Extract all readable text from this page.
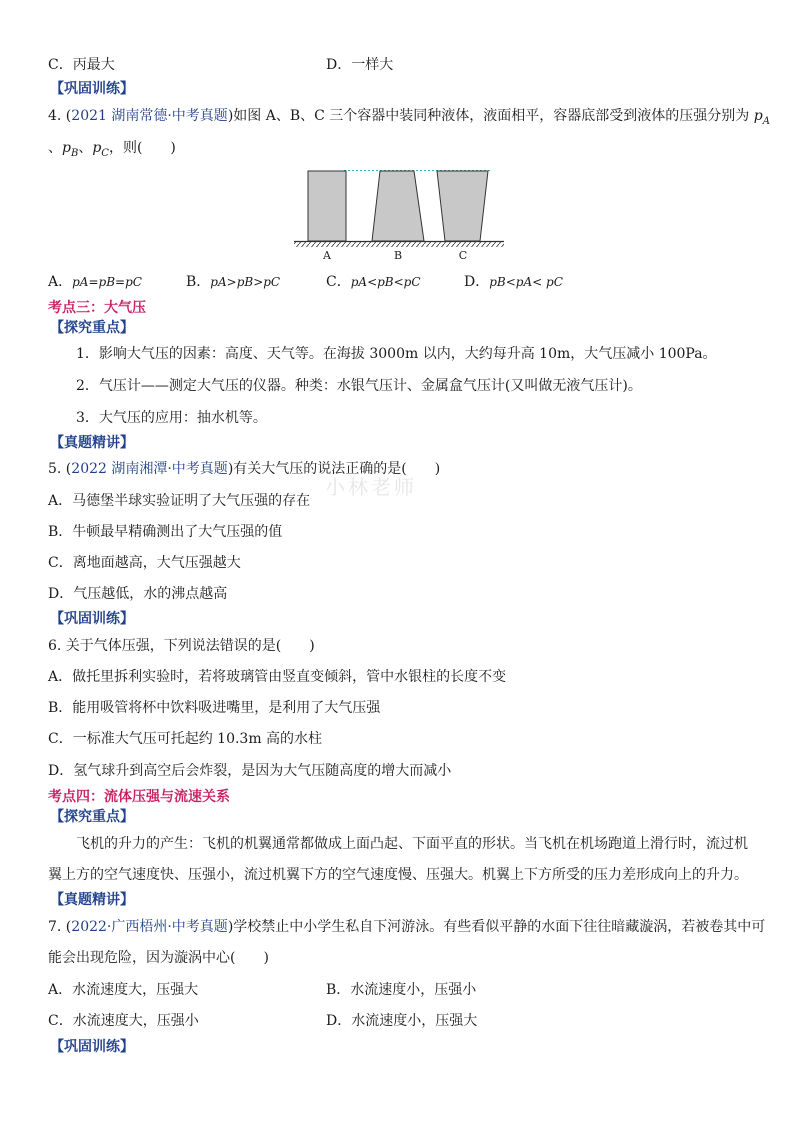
小林老师
C．丙最大	D．一样大
【巩固训练】
4. (2021 湖南常德·中考真题)如图 A、B、C 三个容器中装同种液体，液面相平，容器底部受到液体的压强分别为 $p_A$
、$p_B$、$p_C$，则(　　)
A	B	C
A．pA=pB=pC	B．pA>pB>pC	C．pA<pB<pC	D．pB<pA< pC
考点三：大气压
【探究重点】
1．影响大气压的因素：高度、天气等。在海拔 3000m 以内，大约每升高 10m，大气压减小 100Pa。
2．气压计——测定大气压的仪器。种类：水银气压计、金属盒气压计(又叫做无液气压计)。
3．大气压的应用：抽水机等。
【真题精讲】
5. (2022 湖南湘潭·中考真题)有关大气压的说法正确的是(　　)
A．马德堡半球实验证明了大气压强的存在
B．牛顿最早精确测出了大气压强的值
C．离地面越高，大气压强越大
D．气压越低，水的沸点越高
【巩固训练】
6. 关于气体压强，下列说法错误的是(　　)
A．做托里拆利实验时，若将玻璃管由竖直变倾斜，管中水银柱的长度不变
B．能用吸管将杯中饮料吸进嘴里，是利用了大气压强
C．一标准大气压可托起约 10.3m 高的水柱
D．氢气球升到高空后会炸裂，是因为大气压随高度的增大而减小
考点四：流体压强与流速关系
【探究重点】
飞机的升力的产生：飞机的机翼通常都做成上面凸起、下面平直的形状。当飞机在机场跑道上滑行时，流过机翼上方的空气速度快、压强小，流过机翼下方的空气速度慢、压强大。机翼上下方所受的压力差形成向上的升力。
【真题精讲】
7. (2022·广西梧州·中考真题)学校禁止中小学生私自下河游泳。有些看似平静的水面下往往暗藏漩涡，若被卷其中可
能会出现危险，因为漩涡中心(　　)
A．水流速度大，压强大	B．水流速度小，压强小
C．水流速度大，压强小	D．水流速度小，压强大
【巩固训练】
